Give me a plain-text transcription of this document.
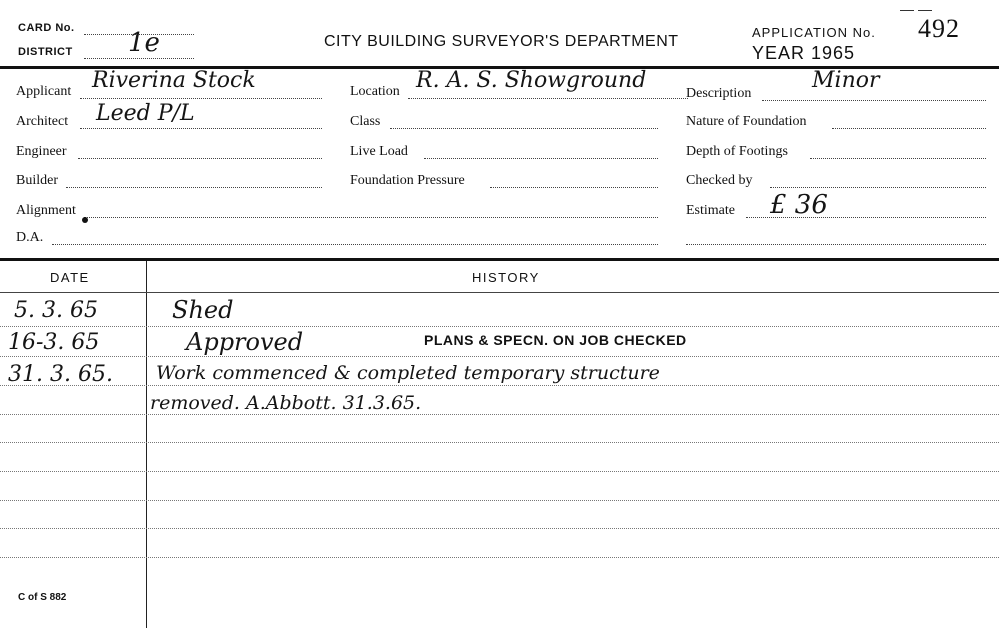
CARD No.
DISTRICT 1e	CITY BUILDING SURVEYOR'S DEPARTMENT
APPLICATION No. 492
YEAR 1965
Applicant Riverina Stock
Architect Leed P/L
Engineer
Builder
Alignment
D.A.
Location R. A. S. Showground
Class
Live Load
Foundation Pressure
Description
Minor
Nature of Foundation
Depth of Footings
Checked by
Estimate £ 36
DATE	HISTORY
5. 3. 65	Shed
16-3. 65	Approved	PLANS & SPECN. ON JOB CHECKED
31. 3. 65. Work commenced & completed temporary structure
removed. A.Abbott. 31.3.65.
C of S 882
